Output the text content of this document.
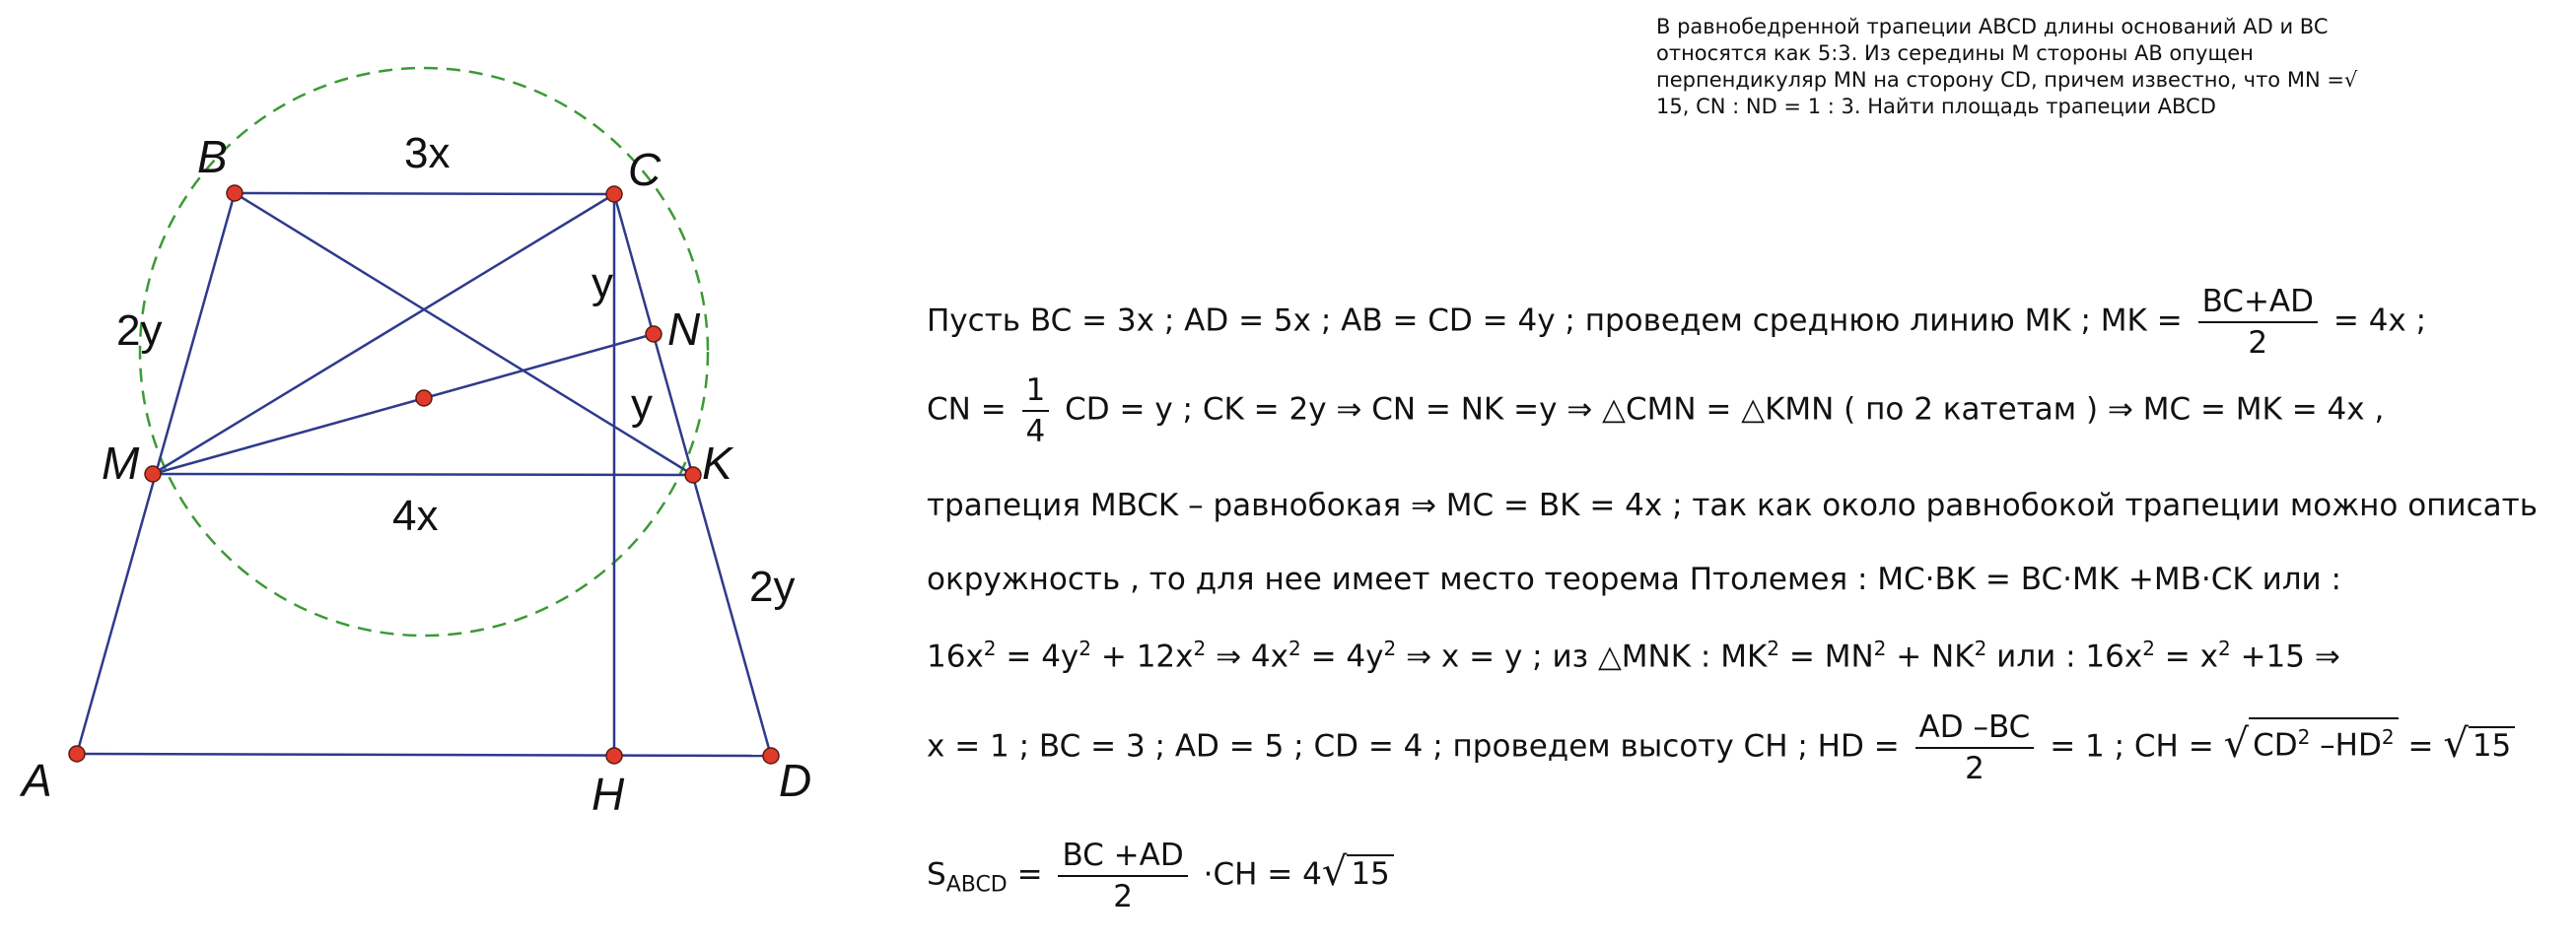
A
B	C
D
M
N
K
H
3x
2y
y
y
4x
2y

В равнобедренной трапеции ABCD длины оснований AD и BC

относятся как 5:3. Из середины M стороны AB опущен

перпендикуляр MN на сторону CD, причем известно, что MN =√

15, CN : ND = 1 : 3. Найти площадь трапеции ABCD

Пусть BC = 3x ; AD = 5x ; AB = CD = 4y ; проведем среднюю линию MK ; MK = $\frac{BC+AD}{2} = 4x$ ;
CN = $\frac{1}{4}$ CD = y ; CK = 2y ⇒ CN = NK =y ⇒ △CMN = △KMN ( по 2 катетам ) ⇒ MC = MK = 4x ,
трапеция MBCK – равнобокая ⇒ MC = BK = 4x ; так как около равнобокой трапеции можно описать
окружность , то для нее имеет место теорема Птолемея : MC·BK = BC·MK +MB·CK или :
$16x^2 = 4y^2 + 12x^2$ ⇒ $4x^2 = 4y^2$ ⇒ x = y ; из △MNK : $MK^2 = MN^2 + NK^2$ или : $16x^2 = x^2 +15$ ⇒
x = 1 ; BC = 3 ; AD = 5 ; CD = 4 ; проведем высоту CH ; HD = $\frac{AD -BC}{2} = 1$ ; CH = √ $CD^2$ $-HD^2$ = √ 15
$S_{ABCD} = \frac{BC +AD}{2} \cdot CH = 4$ √ 15
